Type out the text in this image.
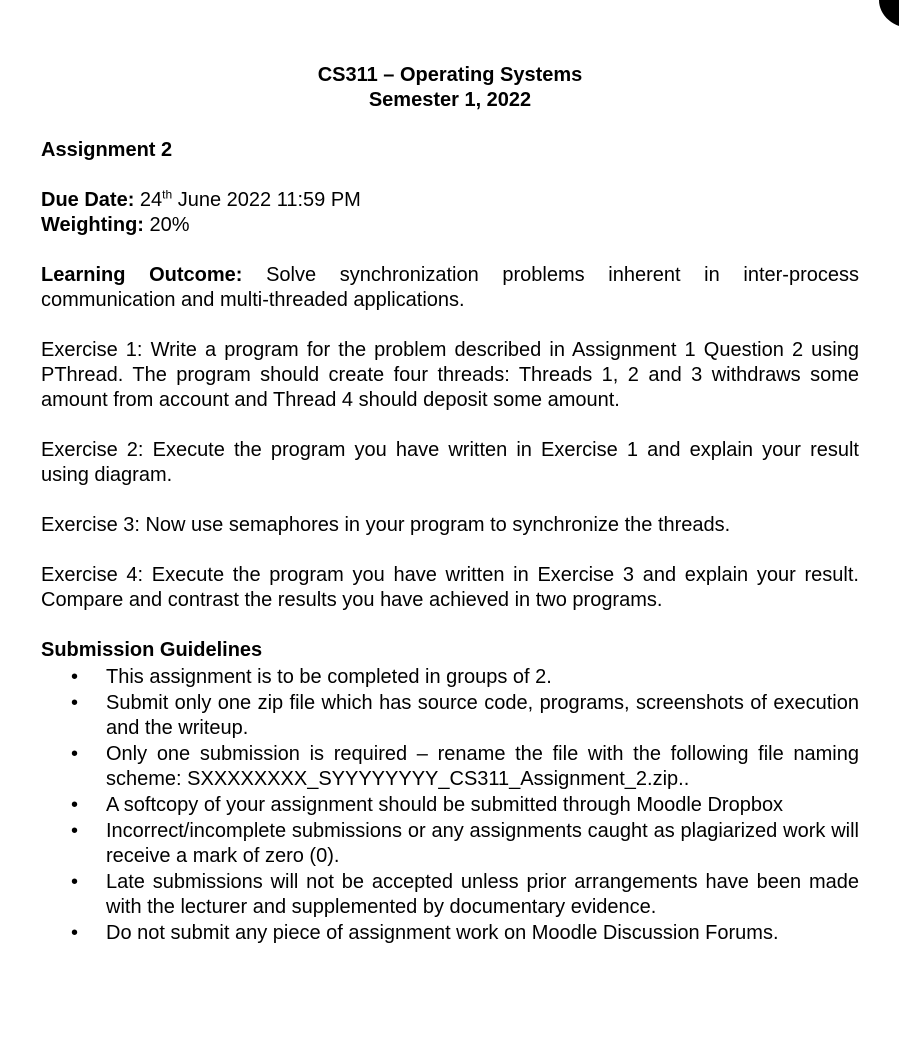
CS311 – Operating Systems

Semester 1, 2022

Assignment 2

Due Date: 24th June 2022 11:59 PM

Weighting: 20%

Learning Outcome: Solve synchronization problems inherent in inter-process communication and multi-threaded applications.

Exercise 1: Write a program for the problem described in Assignment 1 Question 2 using PThread. The program should create four threads: Threads 1, 2 and 3 withdraws some amount from account and Thread 4 should deposit some amount.

Exercise 2: Execute the program you have written in Exercise 1 and explain your result using diagram.

Exercise 3: Now use semaphores in your program to synchronize the threads.

Exercise 4: Execute the program you have written in Exercise 3 and explain your result. Compare and contrast the results you have achieved in two programs.

Submission Guidelines

• This assignment is to be completed in groups of 2.
• Submit only one zip file which has source code, programs, screenshots of execution and the writeup.
• Only one submission is required – rename the file with the following file naming scheme: SXXXXXXXX_SYYYYYYYY_CS311_Assignment_2.zip..
• A softcopy of your assignment should be submitted through Moodle Dropbox
• Incorrect/incomplete submissions or any assignments caught as plagiarized work will receive a mark of zero (0).
• Late submissions will not be accepted unless prior arrangements have been made with the lecturer and supplemented by documentary evidence.
• Do not submit any piece of assignment work on Moodle Discussion Forums.
